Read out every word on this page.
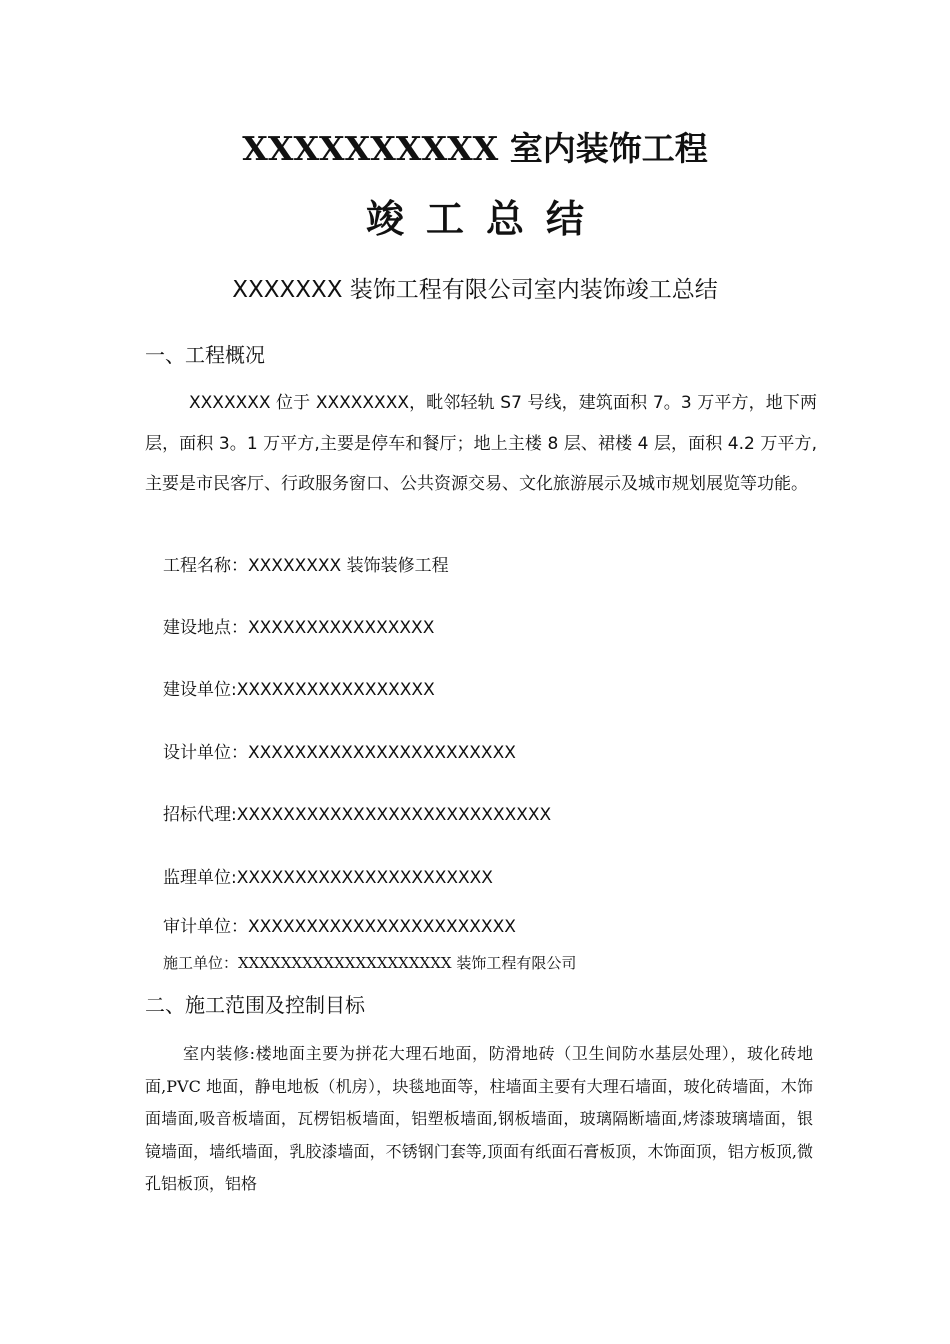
XXXXXXXXXX 室内装饰工程
竣工总结
XXXXXXX 装饰工程有限公司室内装饰竣工总结
一、工程概况
XXXXXXX 位于 XXXXXXXX，毗邻轻轨 S7 号线，建筑面积 7。3 万平方，地下两层，面积 3。1 万平方,主要是停车和餐厅；地上主楼 8 层、裙楼 4 层，面积 4.2 万平方,主要是市民客厅、行政服务窗口、公共资源交易、文化旅游展示及城市规划展览等功能。
工程名称：XXXXXXXX 装饰装修工程
建设地点：XXXXXXXXXXXXXXXX
建设单位:XXXXXXXXXXXXXXXXX
设计单位：XXXXXXXXXXXXXXXXXXXXXXX
招标代理:XXXXXXXXXXXXXXXXXXXXXXXXXXX
监理单位:XXXXXXXXXXXXXXXXXXXXXX
审计单位：XXXXXXXXXXXXXXXXXXXXXXX
施工单位：XXXXXXXXXXXXXXXXXXXX 装饰工程有限公司
二、施工范围及控制目标
室内装修:楼地面主要为拼花大理石地面，防滑地砖（卫生间防水基层处理），玻化砖地面,PVC 地面，静电地板（机房），块毯地面等，柱墙面主要有大理石墙面，玻化砖墙面，木饰面墙面,吸音板墙面，瓦楞铝板墙面，铝塑板墙面,钢板墙面，玻璃隔断墙面,烤漆玻璃墙面，银镜墙面，墙纸墙面，乳胶漆墙面，不锈钢门套等,顶面有纸面石膏板顶，木饰面顶，铝方板顶,微孔铝板顶，铝格
